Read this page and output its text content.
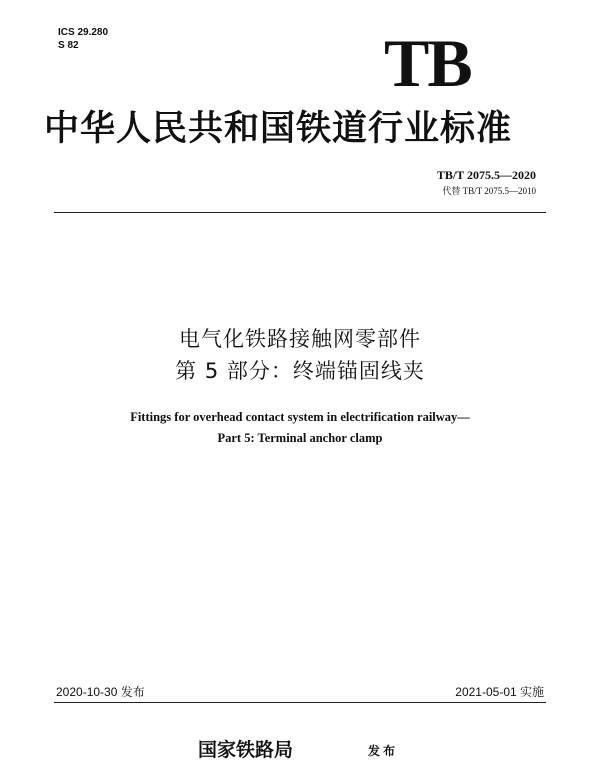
ICS 29.280
S 82	TB
中华人民共和国铁道行业标准
TB/T 2075.5—2020
代替 TB/T 2075.5—2010
电气化铁路接触网零部件
第 5 部分：终端锚固线夹
Fittings for overhead contact system in electrification railway—
Part 5: Terminal anchor clamp
2020-10-30 发布	2021-05-01 实施
国家铁路局	发布
